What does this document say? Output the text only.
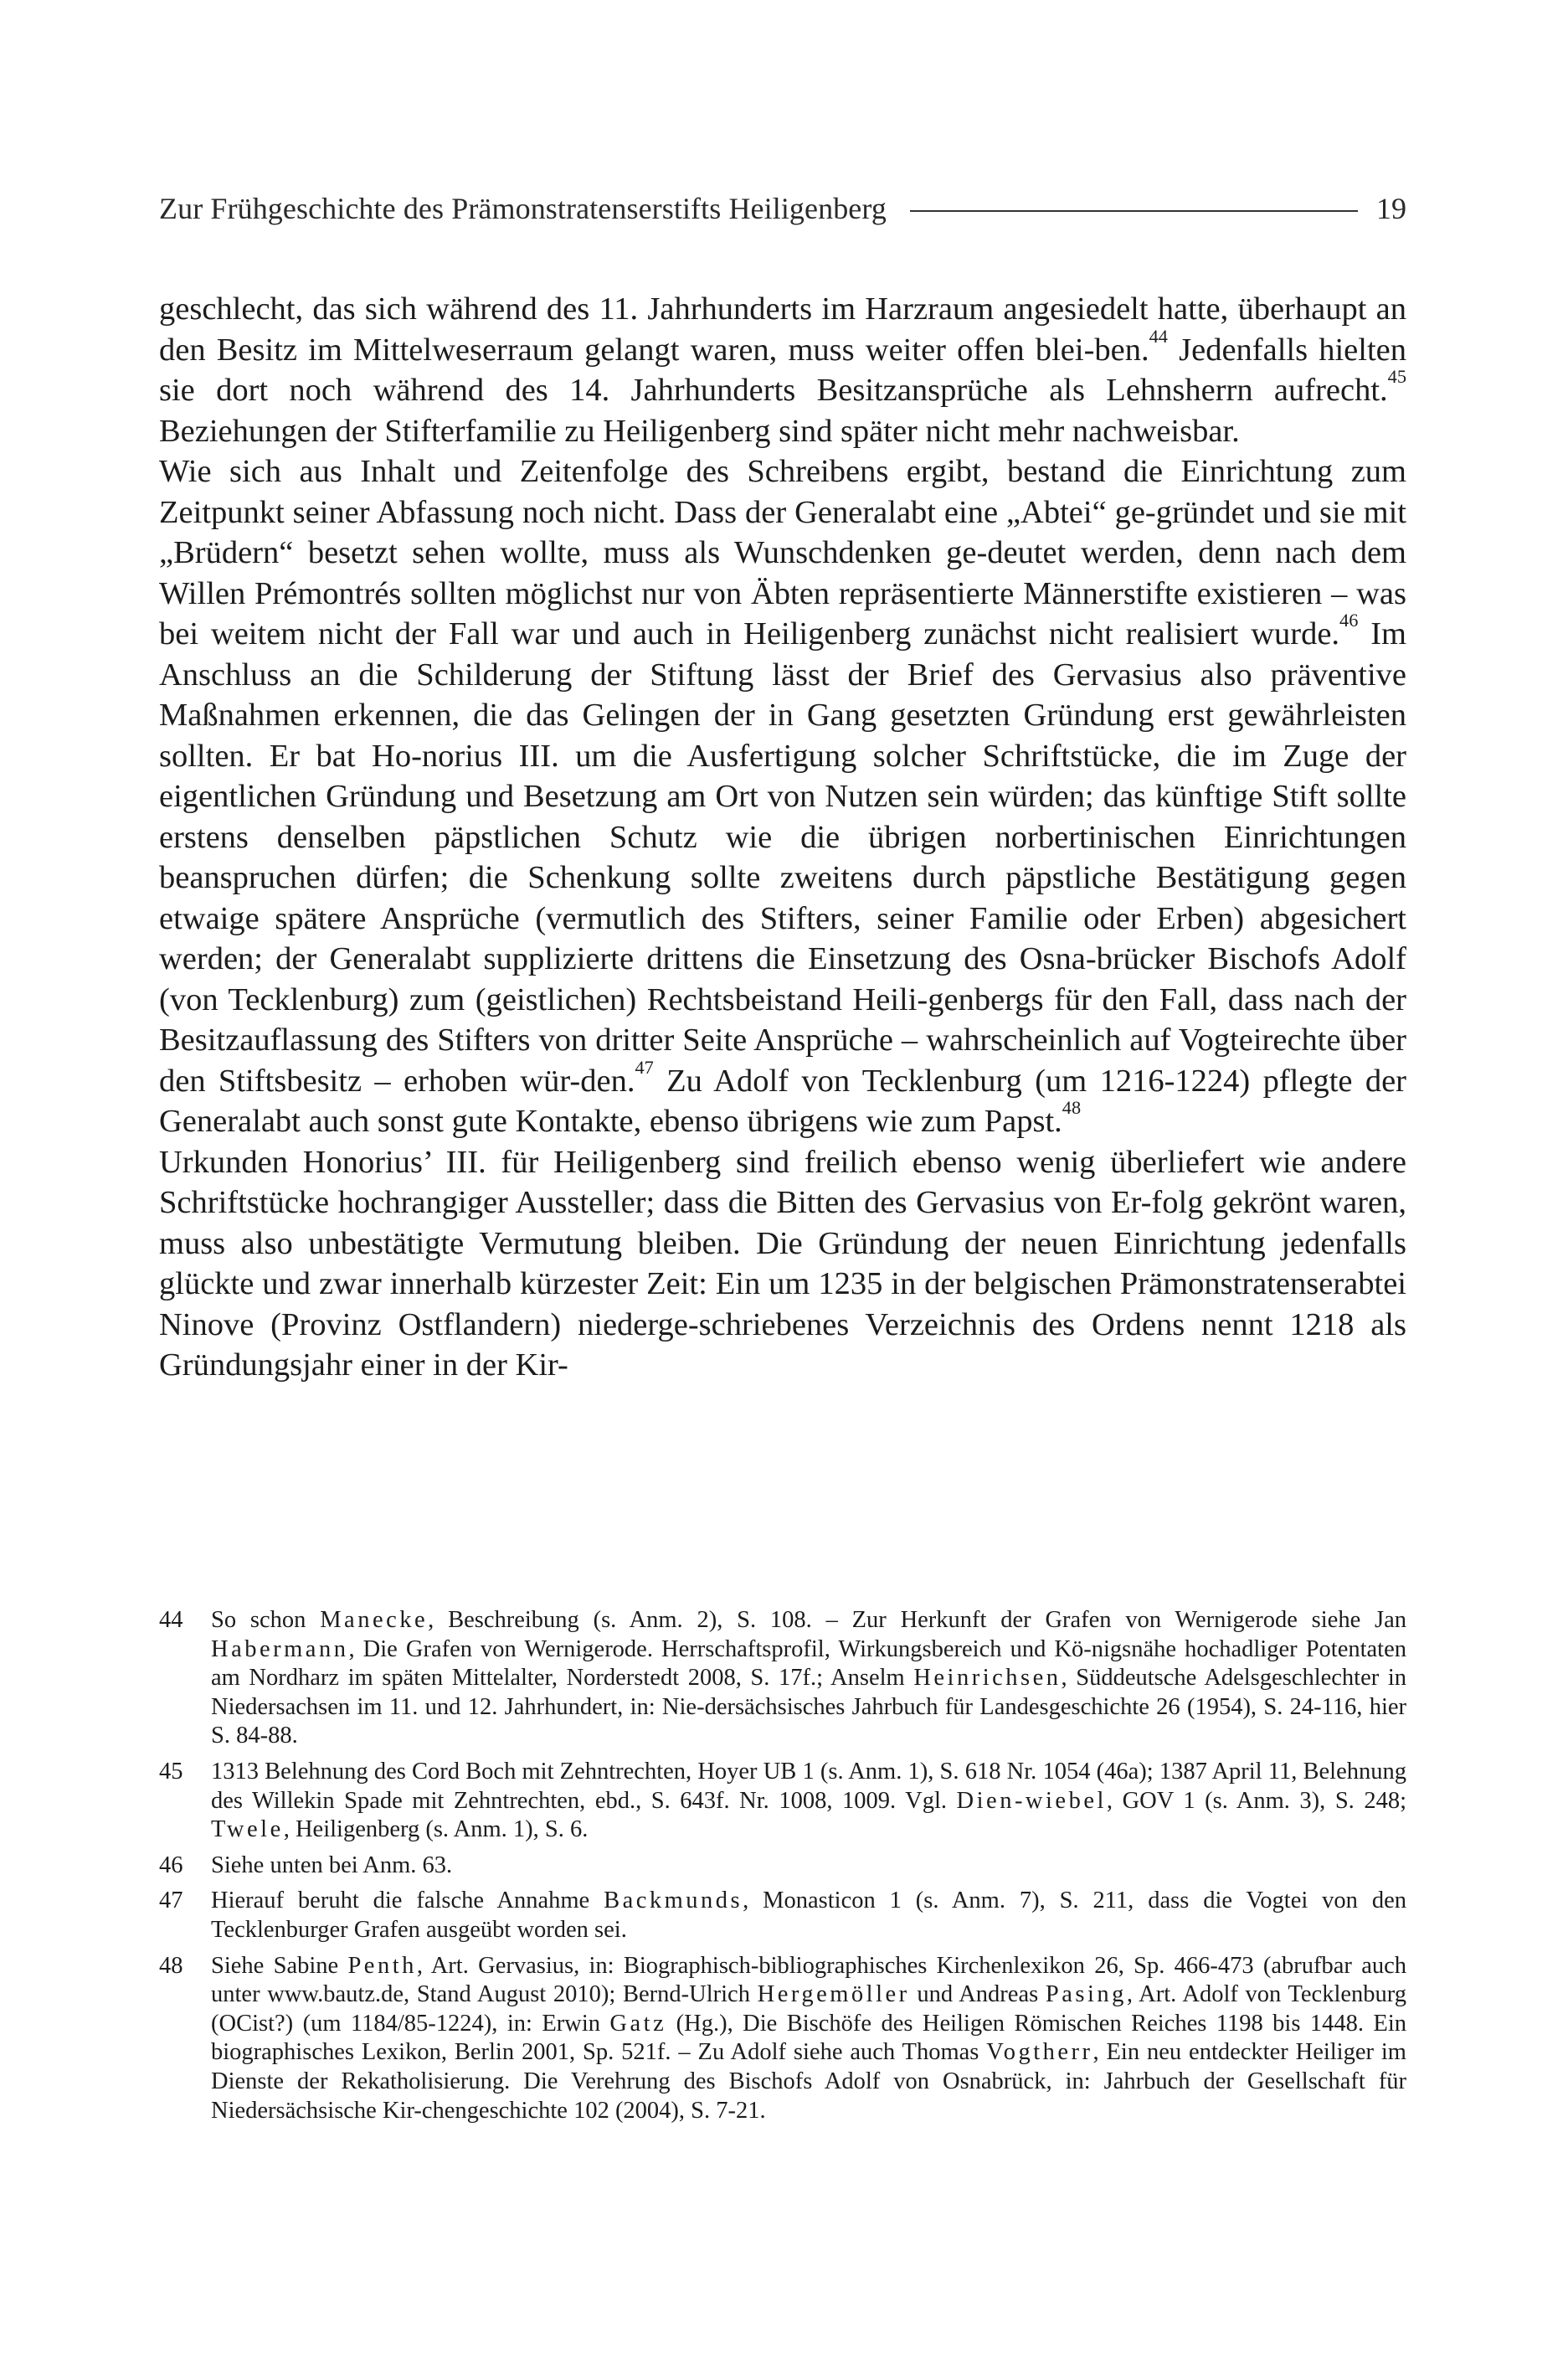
Zur Frühgeschichte des Prämonstratenserstifts Heiligenberg	19

geschlecht, das sich während des 11. Jahrhunderts im Harzraum angesiedelt hatte, überhaupt an den Besitz im Mittelweserraum gelangt waren, muss weiter offen blei-ben.$^{44}$ Jedenfalls hielten sie dort noch während des 14. Jahrhunderts Besitzansprüche als Lehnsherrn aufrecht.$^{45}$ Beziehungen der Stifterfamilie zu Heiligenberg sind später nicht mehr nachweisbar.

Wie sich aus Inhalt und Zeitenfolge des Schreibens ergibt, bestand die Einrichtung zum Zeitpunkt seiner Abfassung noch nicht. Dass der Generalabt eine „Abtei“ ge-gründet und sie mit „Brüdern“ besetzt sehen wollte, muss als Wunschdenken ge-deutet werden, denn nach dem Willen Prémontrés sollten möglichst nur von Äbten repräsentierte Männerstifte existieren – was bei weitem nicht der Fall war und auch in Heiligenberg zunächst nicht realisiert wurde.$^{46}$ Im Anschluss an die Schilderung der Stiftung lässt der Brief des Gervasius also präventive Maßnahmen erkennen, die das Gelingen der in Gang gesetzten Gründung erst gewährleisten sollten. Er bat Ho-norius III. um die Ausfertigung solcher Schriftstücke, die im Zuge der eigentlichen Gründung und Besetzung am Ort von Nutzen sein würden; das künftige Stift sollte erstens denselben päpstlichen Schutz wie die übrigen norbertinischen Einrichtungen beanspruchen dürfen; die Schenkung sollte zweitens durch päpstliche Bestätigung gegen etwaige spätere Ansprüche (vermutlich des Stifters, seiner Familie oder Erben) abgesichert werden; der Generalabt supplizierte drittens die Einsetzung des Osna-brücker Bischofs Adolf (von Tecklenburg) zum (geistlichen) Rechtsbeistand Heili-genbergs für den Fall, dass nach der Besitzauflassung des Stifters von dritter Seite Ansprüche – wahrscheinlich auf Vogteirechte über den Stiftsbesitz – erhoben wür-den.$^{47}$ Zu Adolf von Tecklenburg (um 1216-1224) pflegte der Generalabt auch sonst gute Kontakte, ebenso übrigens wie zum Papst.$^{48}$

Urkunden Honorius’ III. für Heiligenberg sind freilich ebenso wenig überliefert wie andere Schriftstücke hochrangiger Aussteller; dass die Bitten des Gervasius von Er-folg gekrönt waren, muss also unbestätigte Vermutung bleiben. Die Gründung der neuen Einrichtung jedenfalls glückte und zwar innerhalb kürzester Zeit: Ein um 1235 in der belgischen Prämonstratenserabtei Ninove (Provinz Ostflandern) niederge-schriebenes Verzeichnis des Ordens nennt 1218 als Gründungsjahr einer in der Kir-

44	So schon Manecke, Beschreibung (s. Anm. 2), S. 108. – Zur Herkunft der Grafen von Wernigerode siehe Jan Habermann, Die Grafen von Wernigerode. Herrschaftsprofil, Wirkungsbereich und Kö-nigsnähe hochadliger Potentaten am Nordharz im späten Mittelalter, Norderstedt 2008, S. 17f.; Anselm Heinrichsen, Süddeutsche Adelsgeschlechter in Niedersachsen im 11. und 12. Jahrhundert, in: Nie-dersächsisches Jahrbuch für Landesgeschichte 26 (1954), S. 24-116, hier S. 84-88.
45	1313 Belehnung des Cord Boch mit Zehntrechten, Hoyer UB 1 (s. Anm. 1), S. 618 Nr. 1054 (46a); 1387 April 11, Belehnung des Willekin Spade mit Zehntrechten, ebd., S. 643f. Nr. 1008, 1009. Vgl. Dien-wiebel, GOV 1 (s. Anm. 3), S. 248; Twele, Heiligenberg (s. Anm. 1), S. 6.
46	Siehe unten bei Anm. 63.
47	Hierauf beruht die falsche Annahme Backmunds, Monasticon 1 (s. Anm. 7), S. 211, dass die Vogtei von den Tecklenburger Grafen ausgeübt worden sei.
48	Siehe Sabine Penth, Art. Gervasius, in: Biographisch-bibliographisches Kirchenlexikon 26, Sp. 466-473 (abrufbar auch unter www.bautz.de, Stand August 2010); Bernd-Ulrich Hergemöller und Andreas Pasing, Art. Adolf von Tecklenburg (OCist?) (um 1184/85-1224), in: Erwin Gatz (Hg.), Die Bischöfe des Heiligen Römischen Reiches 1198 bis 1448. Ein biographisches Lexikon, Berlin 2001, Sp. 521f. – Zu Adolf siehe auch Thomas Vogtherr, Ein neu entdeckter Heiliger im Dienste der Rekatholisierung. Die Verehrung des Bischofs Adolf von Osnabrück, in: Jahrbuch der Gesellschaft für Niedersächsische Kir-chengeschichte 102 (2004), S. 7-21.
